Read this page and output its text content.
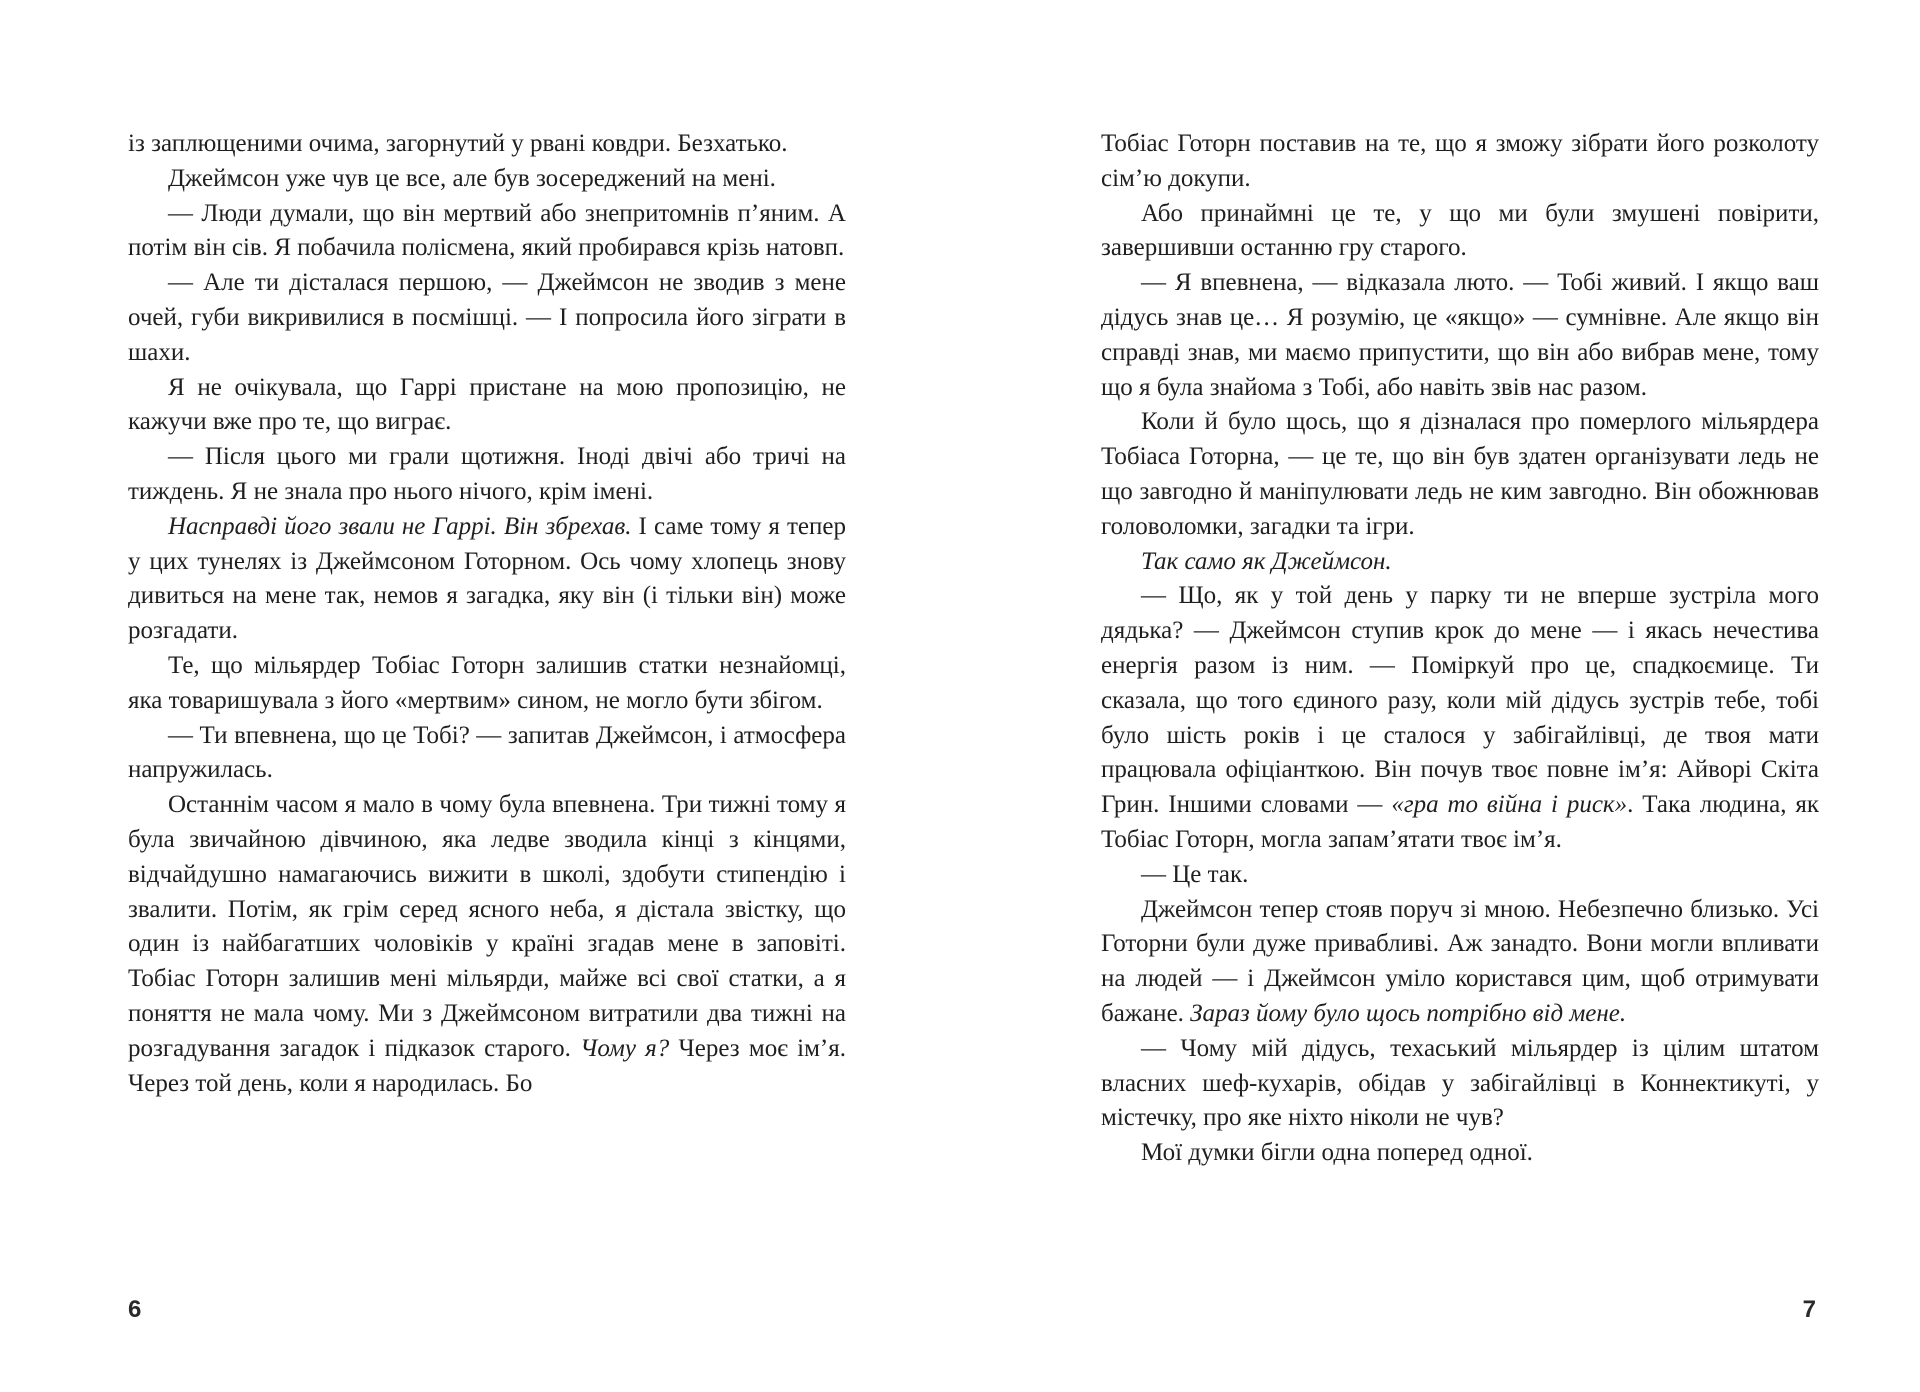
із заплющеними очима, загорнутий у рвані ковдри. Безхатько.

Джеймсон уже чув це все, але був зосереджений на мені.

— Люди думали, що він мертвий або знепритомнів п’яним. А потім він сів. Я побачила полісмена, який пробирався крізь натовп.

— Але ти дісталася першою, — Джеймсон не зводив з мене очей, губи викривилися в посмішці. — І попросила його зіграти в шахи.

Я не очікувала, що Гаррі пристане на мою пропозицію, не кажучи вже про те, що виграє.

— Після цього ми грали щотижня. Іноді двічі або тричі на тиждень. Я не знала про нього нічого, крім імені.

Насправді його звали не Гаррі. Він збрехав. І саме тому я тепер у цих тунелях із Джеймсоном Готорном. Ось чому хлопець знову дивиться на мене так, немов я загадка, яку він (і тільки він) може розгадати.

Те, що мільярдер Тобіас Готорн залишив статки незнайомці, яка товаришувала з його «мертвим» сином, не могло бути збігом.

— Ти впевнена, що це Тобі? — запитав Джеймсон, і атмосфера напружилась.

Останнім часом я мало в чому була впевнена. Три тижні тому я була звичайною дівчиною, яка ледве зводила кінці з кінцями, відчайдушно намагаючись вижити в школі, здобути стипендію і звалити. Потім, як грім серед ясного неба, я дістала звістку, що один із найбагатших чоловіків у країні згадав мене в заповіті. Тобіас Готорн залишив мені мільярди, майже всі свої статки, а я поняття не мала чому. Ми з Джеймсоном витратили два тижні на розгадування загадок і підказок старого. Чому я? Через моє ім’я. Через той день, коли я народилась. Бо

6

Тобіас Готорн поставив на те, що я зможу зібрати його розколоту сім’ю докупи.

Або принаймні це те, у що ми були змушені повірити, завершивши останню гру старого.

— Я впевнена, — відказала люто. — Тобі живий. І якщо ваш дідусь знав це… Я розумію, це «якщо» — сумнівне. Але якщо він справді знав, ми маємо припустити, що він або вибрав мене, тому що я була знайома з Тобі, або навіть звів нас разом.

Коли й було щось, що я дізналася про померлого мільярдера Тобіаса Готорна, — це те, що він був здатен організувати ледь не що завгодно й маніпулювати ледь не ким завгодно. Він обожнював головоломки, загадки та ігри.

Так само як Джеймсон.

— Що, як у той день у парку ти не вперше зустріла мого дядька? — Джеймсон ступив крок до мене — і якась нечестива енергія разом із ним. — Поміркуй про це, спадкоємице. Ти сказала, що того єдиного разу, коли мій дідусь зустрів тебе, тобі було шість років і це сталося у забігайлівці, де твоя мати працювала офіціанткою. Він почув твоє повне ім’я: Айворі Скіта Грин. Іншими словами — «гра то війна і риск». Така людина, як Тобіас Готорн, могла запам’ятати твоє ім’я.

— Це так.

Джеймсон тепер стояв поруч зі мною. Небезпечно близько. Усі Готорни були дуже привабливі. Аж занадто. Вони могли впливати на людей — і Джеймсон уміло користався цим, щоб отримувати бажане. Зараз йому було щось потрібно від мене.

— Чому мій дідусь, техаський мільярдер із цілим штатом власних шеф-кухарів, обідав у забігайлівці в Коннектикуті, у містечку, про яке ніхто ніколи не чув?

Мої думки бігли одна поперед одної.

7
